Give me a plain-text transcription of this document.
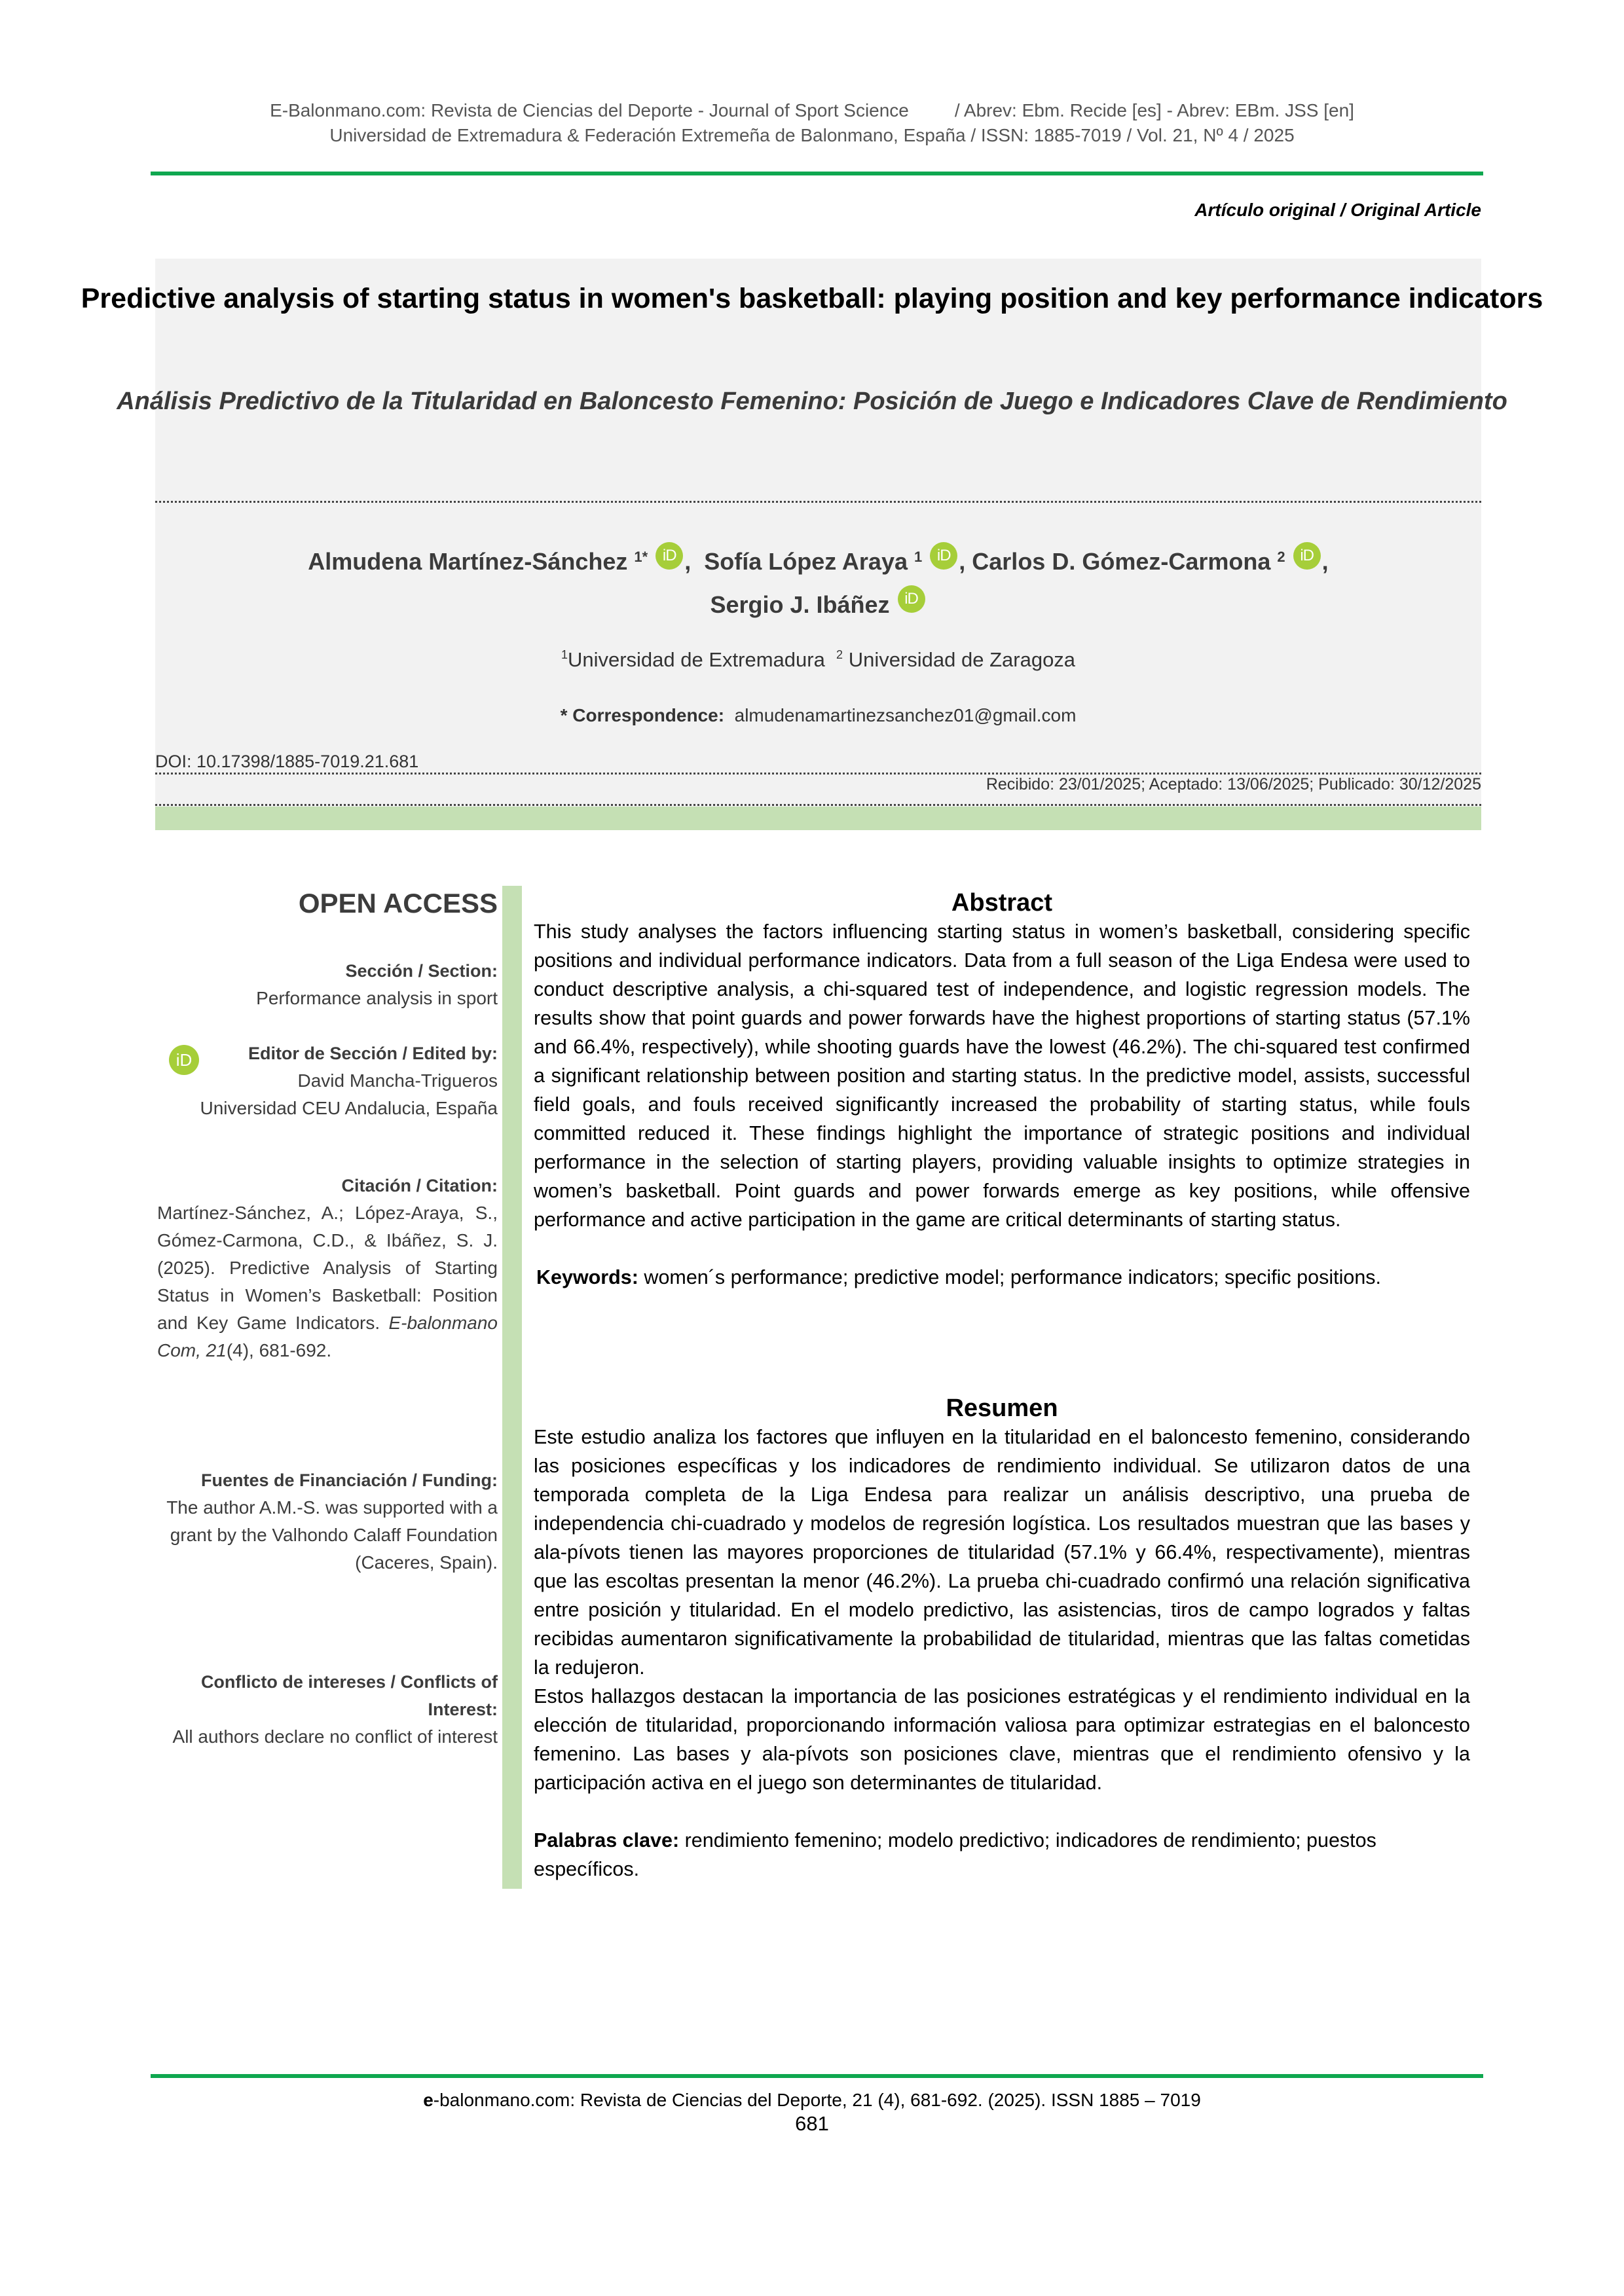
E-Balonmano.com: Revista de Ciencias del Deporte - Journal of Sport Science	/ Abrev: Ebm. Recide [es] - Abrev: EBm. JSS [en]
Universidad de Extremadura & Federación Extremeña de Balonmano, España / ISSN: 1885-7019 / Vol. 21, Nº 4 / 2025
Artículo original / Original Article
Predictive analysis of starting status in women's basketball: playing position and key performance indicators
Análisis Predictivo de la Titularidad en Baloncesto Femenino: Posición de Juego e Indicadores Clave de Rendimiento
Almudena Martínez-Sánchez $^{1*}$ iD ,  Sofía López Araya $^1$ iD , Carlos D. Gómez-Carmona $^2$ iD ,
Sergio J. Ibáñez iD
$^1$Universidad de Extremadura $^2$ Universidad de Zaragoza
* Correspondence: almudenamartinezsanchez01@gmail.com
DOI: 10.17398/1885-7019.21.681
Recibido: 23/01/2025; Aceptado: 13/06/2025; Publicado: 30/12/2025
OPEN ACCESS
Sección / Section:
Performance analysis in sport
Editor de Sección / Edited by:
David Mancha-Trigueros
Universidad CEU Andalucia, España
iD
Citación / Citation:
Martínez-Sánchez, A.; López-Araya, S., Gómez-Carmona, C.D., & Ibáñez, S. J. (2025). Predictive Analysis of Starting Status in Women’s Basketball: Position and Key Game Indicators. E-balonmano Com, 21(4), 681-692.
Fuentes de Financiación / Funding:
The author A.M.-S. was supported with a grant by the Valhondo Calaff Foundation (Caceres, Spain).
Conflicto de intereses / Conflicts of Interest:
All authors declare no conflict of interest
Abstract
This study analyses the factors influencing starting status in women’s basketball, considering specific positions and individual performance indicators. Data from a full season of the Liga Endesa were used to conduct descriptive analysis, a chi-squared test of independence, and logistic regression models. The results show that point guards and power forwards have the highest proportions of starting status (57.1% and 66.4%, respectively), while shooting guards have the lowest (46.2%). The chi-squared test confirmed a significant relationship between position and starting status. In the predictive model, assists, successful field goals, and fouls received significantly increased the probability of starting status, while fouls committed reduced it. These findings highlight the importance of strategic positions and individual performance in the selection of starting players, providing valuable insights to optimize strategies in women’s basketball. Point guards and power forwards emerge as key positions, while offensive performance and active participation in the game are critical determinants of starting status.
Keywords: women´s performance; predictive model; performance indicators; specific positions.
Resumen
Este estudio analiza los factores que influyen en la titularidad en el baloncesto femenino, considerando las posiciones específicas y los indicadores de rendimiento individual. Se utilizaron datos de una temporada completa de la Liga Endesa para realizar un análisis descriptivo, una prueba de independencia chi-cuadrado y modelos de regresión logística. Los resultados muestran que las bases y ala-pívots tienen las mayores proporciones de titularidad (57.1% y 66.4%, respectivamente), mientras que las escoltas presentan la menor (46.2%). La prueba chi-cuadrado confirmó una relación significativa entre posición y titularidad. En el modelo predictivo, las asistencias, tiros de campo logrados y faltas recibidas aumentaron significativamente la probabilidad de titularidad, mientras que las faltas cometidas la redujeron.
Estos hallazgos destacan la importancia de las posiciones estratégicas y el rendimiento individual en la elección de titularidad, proporcionando información valiosa para optimizar estrategias en el baloncesto femenino. Las bases y ala-pívots son posiciones clave, mientras que el rendimiento ofensivo y la participación activa en el juego son determinantes de titularidad.
Palabras clave: rendimiento femenino; modelo predictivo; indicadores de rendimiento; puestos específicos.
e-balonmano.com: Revista de Ciencias del Deporte, 21 (4), 681-692. (2025). ISSN 1885 – 7019
681
